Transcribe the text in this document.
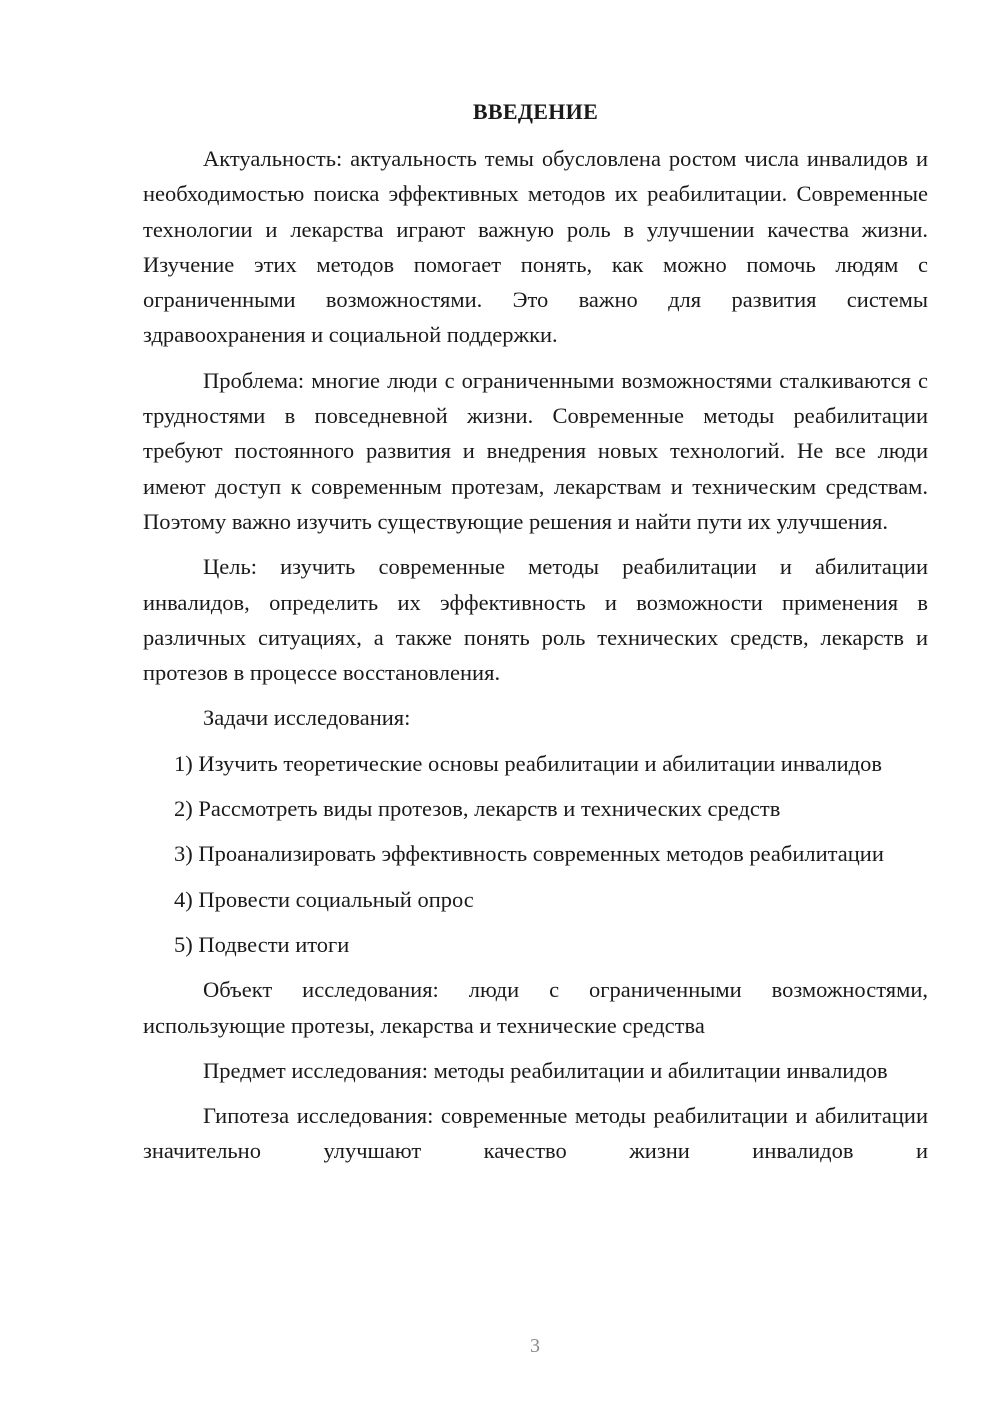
ВВЕДЕНИЕ

Актуальность: актуальность темы обусловлена ростом числа инвалидов и необходимостью поиска эффективных методов их реабилитации. Современные технологии и лекарства играют важную роль в улучшении качества жизни. Изучение этих методов помогает понять, как можно помочь людям с ограниченными возможностями. Это важно для развития системы здравоохранения и социальной поддержки.

Проблема: многие люди с ограниченными возможностями сталкиваются с трудностями в повседневной жизни. Современные методы реабилитации требуют постоянного развития и внедрения новых технологий. Не все люди имеют доступ к современным протезам, лекарствам и техническим средствам. Поэтому важно изучить существующие решения и найти пути их улучшения.

Цель: изучить современные методы реабилитации и абилитации инвалидов, определить их эффективность и возможности применения в различных ситуациях, а также понять роль технических средств, лекарств и протезов в процессе восстановления.

Задачи исследования:

1) Изучить теоретические основы реабилитации и абилитации инвалидов

2) Рассмотреть виды протезов, лекарств и технических средств

3) Проанализировать эффективность современных методов реабилитации

4) Провести социальный опрос

5) Подвести итоги

Объект исследования: люди с ограниченными возможностями, использующие протезы, лекарства и технические средства

Предмет исследования: методы реабилитации и абилитации инвалидов

Гипотеза исследования: современные методы реабилитации и абилитации значительно улучшают качество жизни инвалидов и

3
